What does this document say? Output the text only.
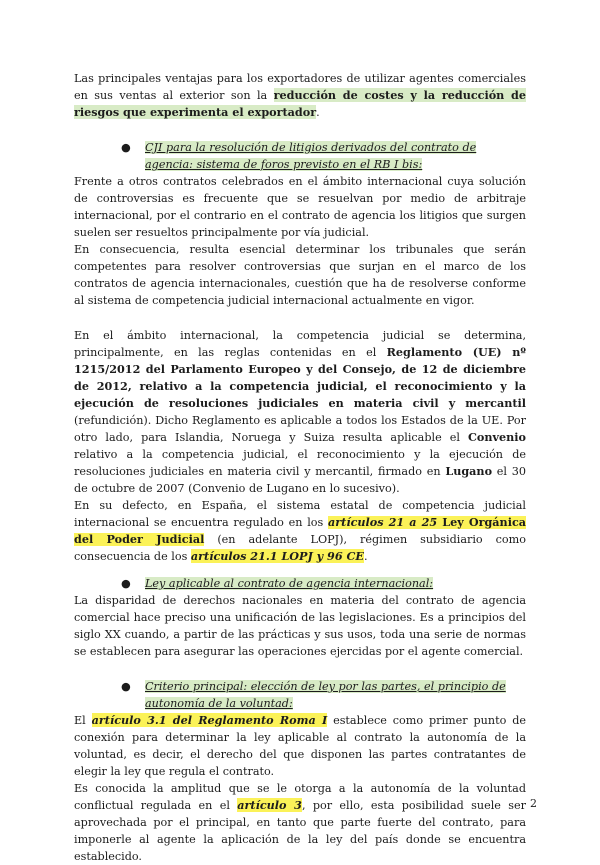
Las principales ventajas para los exportadores de utilizar agentes comerciales en sus ventas al exterior son la reducción de costes y la reducción de riesgos que experimenta el exportador.

● CJI para la resolución de litigios derivados del contrato de agencia: sistema de foros previsto en el RB I bis:

Frente a otros contratos celebrados en el ámbito internacional cuya solución de controversias es frecuente que se resuelvan por medio de arbitraje internacional, por el contrario en el contrato de agencia los litigios que surgen suelen ser resueltos principalmente por vía judicial.

En consecuencia, resulta esencial determinar los tribunales que serán competentes para resolver controversias que surjan en el marco de los contratos de agencia internacionales, cuestión que ha de resolverse conforme al sistema de competencia judicial internacional actualmente en vigor.

En el ámbito internacional, la competencia judicial se determina, principalmente, en las reglas contenidas en el Reglamento (UE) nº 1215/2012 del Parlamento Europeo y del Consejo, de 12 de diciembre de 2012, relativo a la competencia judicial, el reconocimiento y la ejecución de resoluciones judiciales en materia civil y mercantil (refundición). Dicho Reglamento es aplicable a todos los Estados de la UE. Por otro lado, para Islandia, Noruega y Suiza resulta aplicable el Convenio relativo a la competencia judicial, el reconocimiento y la ejecución de resoluciones judiciales en materia civil y mercantil, firmado en Lugano el 30 de octubre de 2007 (Convenio de Lugano en lo sucesivo).

En su defecto, en España, el sistema estatal de competencia judicial internacional se encuentra regulado en los artículos 21 a 25 Ley Orgánica del Poder Judicial (en adelante LOPJ), régimen subsidiario como consecuencia de los artículos 21.1 LOPJ y 96 CE.

● Ley aplicable al contrato de agencia internacional:

La disparidad de derechos nacionales en materia del contrato de agencia comercial hace preciso una unificación de las legislaciones. Es a principios del siglo XX cuando, a partir de las prácticas y sus usos, toda una serie de normas se establecen para asegurar las operaciones ejercidas por el agente comercial.

● Criterio principal: elección de ley por las partes, el principio de autonomía de la voluntad:

El artículo 3.1 del Reglamento Roma I establece como primer punto de conexión para determinar la ley aplicable al contrato la autonomía de la voluntad, es decir, el derecho del que disponen las partes contratantes de elegir la ley que regula el contrato.

Es conocida la amplitud que se le otorga a la autonomía de la voluntad conflictual regulada en el artículo 3, por ello, esta posibilidad suele ser aprovechada por el principal, en tanto que parte fuerte del contrato, para imponerle al agente la aplicación de la ley del país donde se encuentra establecido.

2
